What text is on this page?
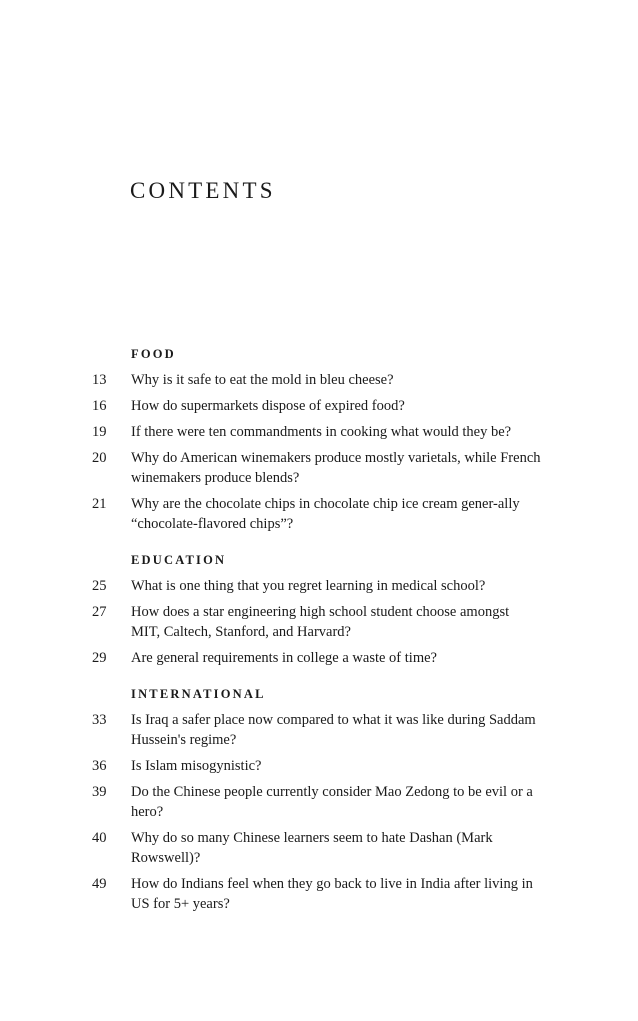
CONTENTS
FOOD
13	Why is it safe to eat the mold in bleu cheese?
16	How do supermarkets dispose of expired food?
19	If there were ten commandments in cooking what would they be?
20	Why do American winemakers produce mostly varietals, while French winemakers produce blends?
21	Why are the chocolate chips in chocolate chip ice cream gener-ally “chocolate-flavored chips”?
EDUCATION
25	What is one thing that you regret learning in medical school?
27	How does a star engineering high school student choose amongst MIT, Caltech, Stanford, and Harvard?
29	Are general requirements in college a waste of time?
INTERNATIONAL
33	Is Iraq a safer place now compared to what it was like during Saddam Hussein's regime?
36	Is Islam misogynistic?
39	Do the Chinese people currently consider Mao Zedong to be evil or a hero?
40	Why do so many Chinese learners seem to hate Dashan (Mark Rowswell)?
49	How do Indians feel when they go back to live in India after living in US for 5+ years?
